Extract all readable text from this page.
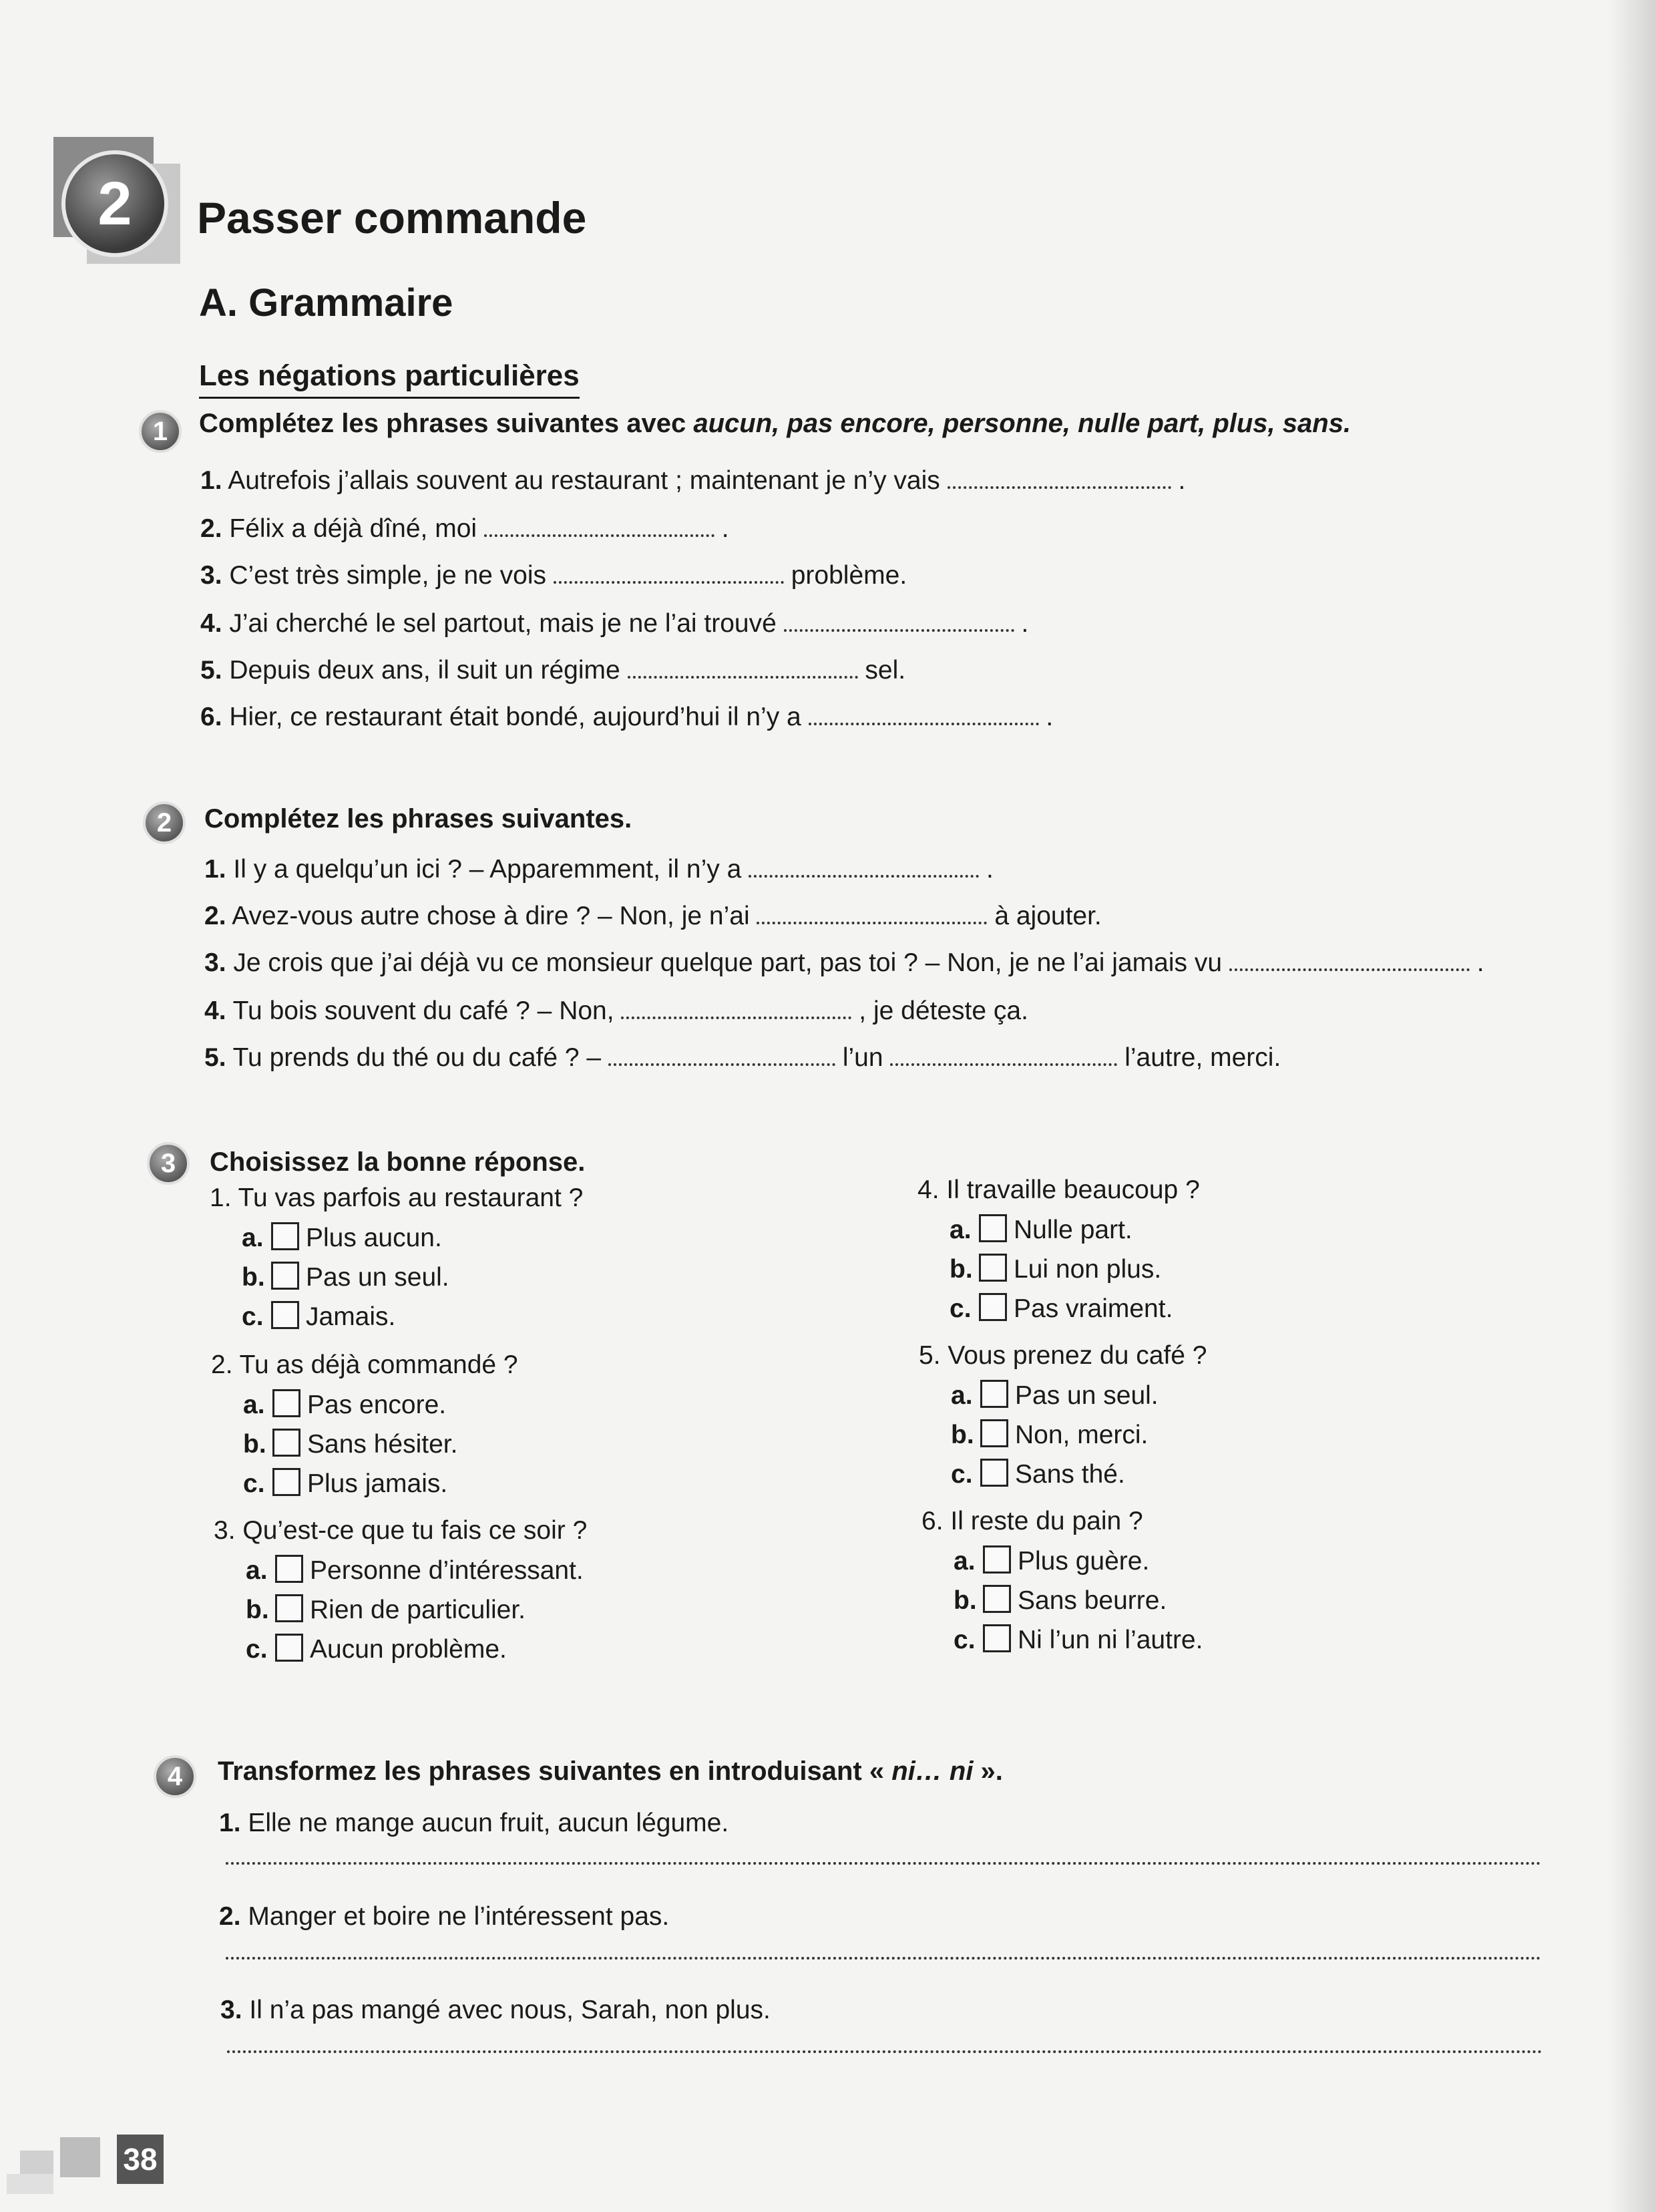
2	Passer commande
A. Grammaire
Les négations particulières
1	Complétez les phrases suivantes avec aucun, pas encore, personne, nulle part, plus, sans.
1. Autrefois j’allais souvent au restaurant ; maintenant je n’y vais	.
2. Félix a déjà dîné, moi	.
3. C’est très simple, je ne vois	problème.
4. J’ai cherché le sel partout, mais je ne l’ai trouvé	.
5. Depuis deux ans, il suit un régime	sel.
6. Hier, ce restaurant était bondé, aujourd’hui il n’y a	.
2	Complétez les phrases suivantes.
1. Il y a quelqu’un ici ? – Apparemment, il n’y a	.
2. Avez-vous autre chose à dire ? – Non, je n’ai	à ajouter.
3. Je crois que j’ai déjà vu ce monsieur quelque part, pas toi ? – Non, je ne l’ai jamais vu	.
4. Tu bois souvent du café ? – Non,	, je déteste ça.
5. Tu prends du thé ou du café ? –	l’un	l’autre, merci.
3	Choisissez la bonne réponse.
1. Tu vas parfois au restaurant ?
a. Plus aucun.
b. Pas un seul.
c. Jamais.
2. Tu as déjà commandé ?
a. Pas encore.
b. Sans hésiter.
c. Plus jamais.
3. Qu’est-ce que tu fais ce soir ?
a. Personne d’intéressant.
b. Rien de particulier.
c. Aucun problème.
4. Il travaille beaucoup ?
a. Nulle part.
b. Lui non plus.
c. Pas vraiment.
5. Vous prenez du café ?
a. Pas un seul.
b. Non, merci.
c. Sans thé.
6. Il reste du pain ?
a. Plus guère.
b. Sans beurre.
c. Ni l’un ni l’autre.
4	Transformez les phrases suivantes en introduisant « ni… ni ».
1. Elle ne mange aucun fruit, aucun légume.
2. Manger et boire ne l’intéressent pas.
3. Il n’a pas mangé avec nous, Sarah, non plus.
38
